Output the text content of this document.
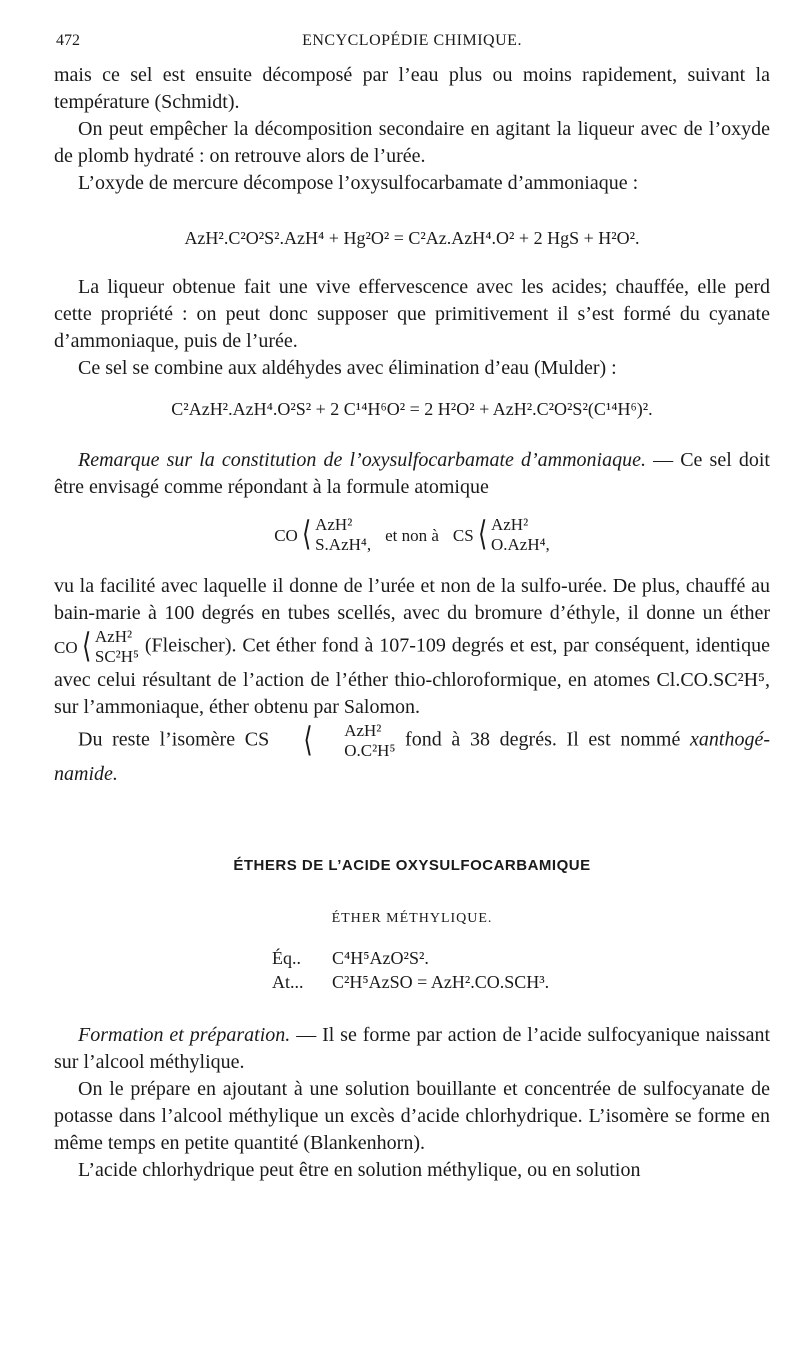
472	ENCYCLOPÉDIE CHIMIQUE.

mais ce sel est ensuite décomposé par l’eau plus ou moins rapidement, suivant la température (Schmidt).

On peut empêcher la décomposition secondaire en agitant la liqueur avec de l’oxyde de plomb hydraté : on retrouve alors de l’urée.

L’oxyde de mercure décompose l’oxysulfocarbamate d’ammoniaque :

AzH².C²O²S².AzH⁴ + Hg²O² = C²Az.AzH⁴.O² + 2 HgS + H²O².

La liqueur obtenue fait une vive effervescence avec les acides; chauffée, elle perd cette propriété : on peut donc supposer que primitivement il s’est formé du cyanate d’ammoniaque, puis de l’urée.

Ce sel se combine aux aldéhydes avec élimination d’eau (Mulder) :

C²AzH².AzH⁴.O²S² + 2 C¹⁴H⁶O² = 2 H²O² + AzH².C²O²S²(C¹⁴H⁶)².

Remarque sur la constitution de l’oxysulfocarbamate d’ammoniaque. — Ce sel doit être envisagé comme répondant à la formule atomique

CO ⟨ AzH²
S.AzH⁴, et non à CS ⟨ AzH²
O.AzH⁴,

vu la facilité avec laquelle il donne de l’urée et non de la sulfo-urée. De plus, chauffé au bain-marie à 100 degrés en tubes scellés, avec du bromure d’éthyle, il donne un éther
CO ⟨ AzH²
SC²H⁵ (Fleischer). Cet éther fond à 107-109 degrés et est, par conséquent, identique avec celui résultant de l’action de l’éther thio-chloroformique, en atomes Cl.CO.SC²H⁵, sur l’ammoniaque, éther obtenu par Salomon.

Du reste l’isomère CS	⟨	AzH²
O.C²H⁵ fond à 38 degrés. Il est nommé xanthogénamide.

ÉTHERS DE L’ACIDE OXYSULFOCARBAMIQUE
ÉTHER MÉTHYLIQUE.
Éq.. C⁴H⁵AzO²S².
At... C²H⁵AzSO = AzH².CO.SCH³.

Formation et préparation. — Il se forme par action de l’acide sulfocyanique naissant sur l’alcool méthylique.

On le prépare en ajoutant à une solution bouillante et concentrée de sulfocyanate de potasse dans l’alcool méthylique un excès d’acide chlorhydrique. L’isomère se forme en même temps en petite quantité (Blankenhorn).

L’acide chlorhydrique peut être en solution méthylique, ou en solution
